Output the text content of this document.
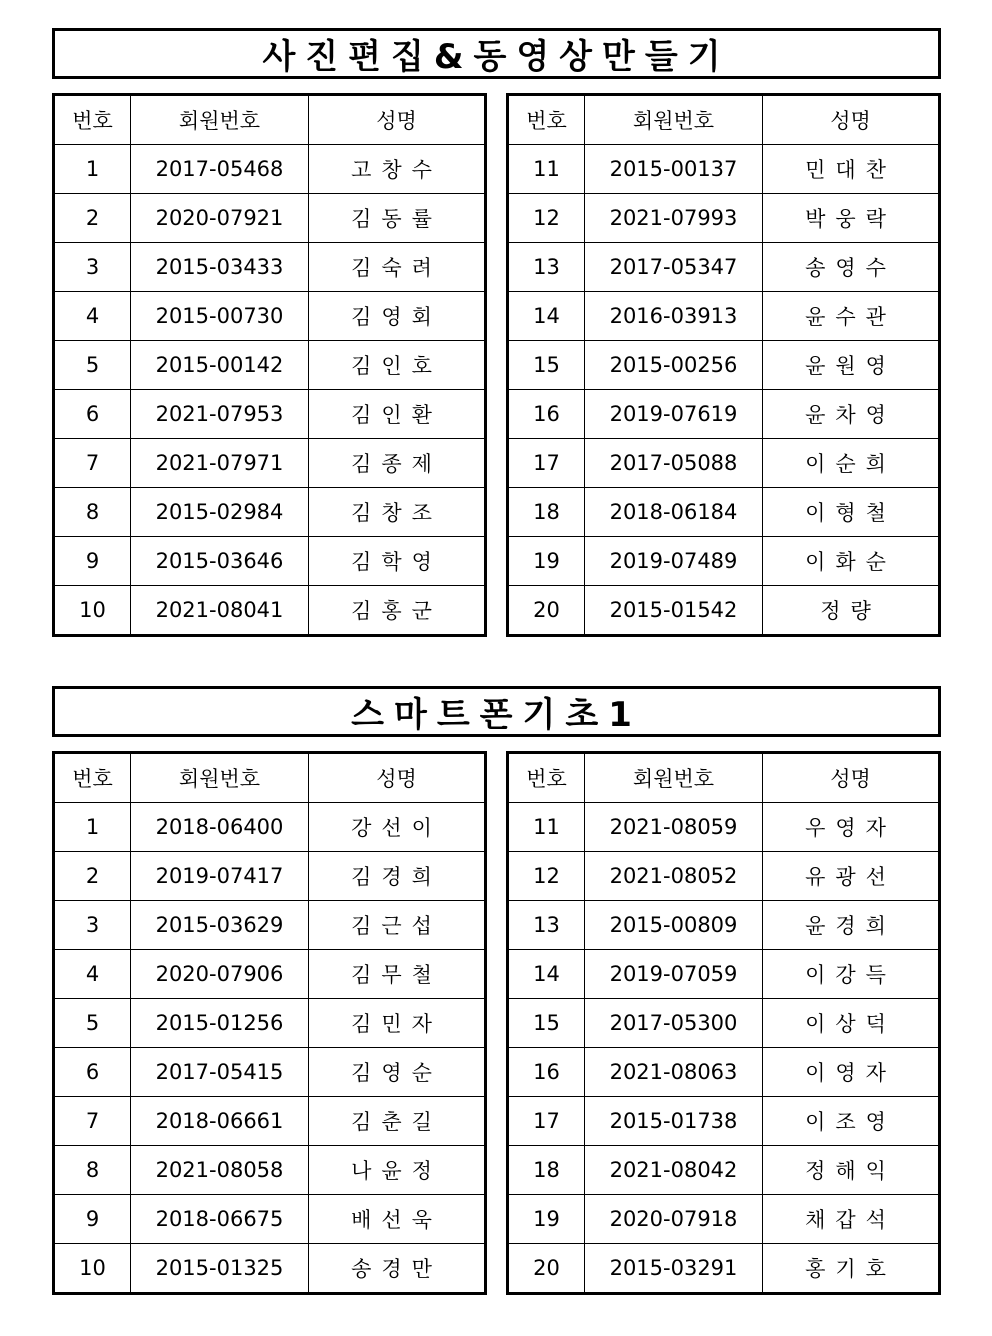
사진편집&동영상만들기
번호	회원번호	성명
1	2017-05468	고창수
2	2020-07921	김동률
3	2015-03433	김숙려
4	2015-00730	김영회
5	2015-00142	김인호
6	2021-07953	김인환
7	2021-07971	김종제
8	2015-02984	김창조
9	2015-03646	김학영
10	2021-08041	김홍군
번호	회원번호	성명
11	2015-00137	민대찬
12	2021-07993	박웅락
13	2017-05347	송영수
14	2016-03913	윤수관
15	2015-00256	윤원영
16	2019-07619	윤차영
17	2017-05088	이순희
18	2018-06184	이형철
19	2019-07489	이화순
20	2015-01542	정량
스마트폰기초1
번호	회원번호	성명
1	2018-06400	강선이
2	2019-07417	김경희
3	2015-03629	김근섭
4	2020-07906	김무철
5	2015-01256	김민자
6	2017-05415	김영순
7	2018-06661	김춘길
8	2021-08058	나윤정
9	2018-06675	배선욱
10	2015-01325	송경만
번호	회원번호	성명
11	2021-08059	우영자
12	2021-08052	유광선
13	2015-00809	윤경희
14	2019-07059	이강득
15	2017-05300	이상덕
16	2021-08063	이영자
17	2015-01738	이조영
18	2021-08042	정해익
19	2020-07918	채갑석
20	2015-03291	홍기호
